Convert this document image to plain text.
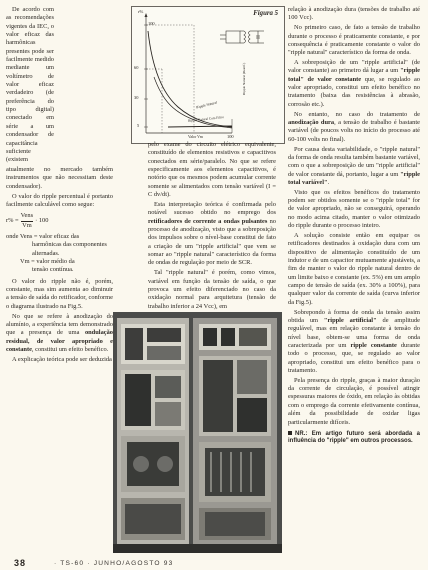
De acordo com as recomendações vigentes da IEC, o valor eficaz das harmônicas presentes pode ser facilmente medido mediante um voltímetro de valor eficaz verdadeiro (de preferência do tipo digital) conectado em série a um condensador de capacitância suficiente (existem

atualmente no mercado também instrumentos que não necessitam deste condensador).

O valor do ripple percentual é portanto facilmente calculável como segue:

$r\% = \frac{\text{Vens}}{Vm} \cdot 100$
onde Vens = valor eficaz das
harmônicas das componentes
alternadas.
Vm = valor médio da
tensão contínua.

O valor do ripple não é, porém, constante, mas sim aumenta ao diminuir a tensão de saída do retificador, conforme o diagrama ilustrado na Fig.5.

No que se refere à anodização do alumínio, a experiência tem demonstrado que a presença de uma ondulação residual, de valor apropriado e constante, constitui um efeito benéfico.

A explicação teórica pode ser deduzida

Figura 5
r%
100
60
30
5
100
Valor Vm
Ripple Natural
Ripple Natural Com Filtro
Ripple Natural (Reatif.)

pelo exame do circuito elétrico equivalente, constituído de elementos resistivos e capacitivos conectados em série/paralelo. No que se refere especificamente aos elementos capacitivos, é notório que os mesmos podem acumular corrente somente se alimentados com tensão variável (I = C dv/dt).

Esta interpretação teórica é confirmada pelo notável sucesso obtido no emprego dos retificadores de corrente a ondas pulsantes no processo de anodização, visto que a sobreposição dos impulsos sobre o nível-base constitui de fato a criação de um "ripple artificial" que vem se somar ao "ripple natural" característico da forma de ondas de regulação por meio de SCR.

Tal "ripple natural" é porém, como vimos, variável em função da tensão de saída, o que provoca um efeito diferenciado no caso da oxidação normal para arquitetura (tensão de trabalho inferior a 24 Vcc), em

relação à anodização dura (tensões de trabalho até 100 Vcc).

No primeiro caso, de fato a tensão de trabalho durante o processo é praticamente constante, e por consequência é praticamente constante o valor do "ripple natural" característico da forma de onda.

A sobreposição de um "ripple artificial" (de valor constante) ao primeiro dá lugar a um "ripple total" de valor constante que, se regulado ao valor apropriado, constitui um efeito benéfico no tratamento (baixa das resistências à abrasão, corrosão etc.).

No entanto, no caso do tratamento de anodização dura, a tensão de trabalho é bastante variável (de poucos volts no início do processo até 60-100 volts no final).

Por causa desta variabilidade, o "ripple natural" da forma de onda resulta também bastante variável, com o que a sobreposição de um "ripple artificial" de valor constante dá, portanto, lugar a um "ripple total variável".

Visto que os efeitos benéficos do tratamento podem ser obtidos somente se o "ripple total" for de valor apropriado, não se conseguirá, operando no modo acima citado, manter o valor otimizado do ripple durante o processo inteiro.

A solução consiste então em equipar os retificadores destinados à oxidação dura com um dispositivo de alimentação constituído de um indutor e de um capacitor mutuamente ajustáveis, a fim de manter o valor do ripple natural dentro de um limite baixo e constante (ex. 5%) em um amplo campo de tensão de saída (ex. 30% a 100%), para qualquer valor da corrente de saída (curva inferior da Fig.5).

Sobrepondo à forma de onda da tensão assim obtida um "ripple artificial" de amplitude regulável, mas em relação constante à tensão do nível base, obtem-se uma forma de onda caracterizada por um ripple constante durante todo o processo, que, se regulado ao valor apropriado, constitui um efeito benéfico para o tratamento.

Pela presença do ripple, graças à maior duração da corrente de circulação, é possível atingir espessuras maiores de óxido, em relação às obtidas com o emprego da corrente efetivamente contínua, além da possibilidade de oxidar ligas particularmente difíceis.

NR.: Em artigo futuro será abordada a influência do "ripple" em outros processos.
38	· TS-60 · JUNHO/AGOSTO 93
